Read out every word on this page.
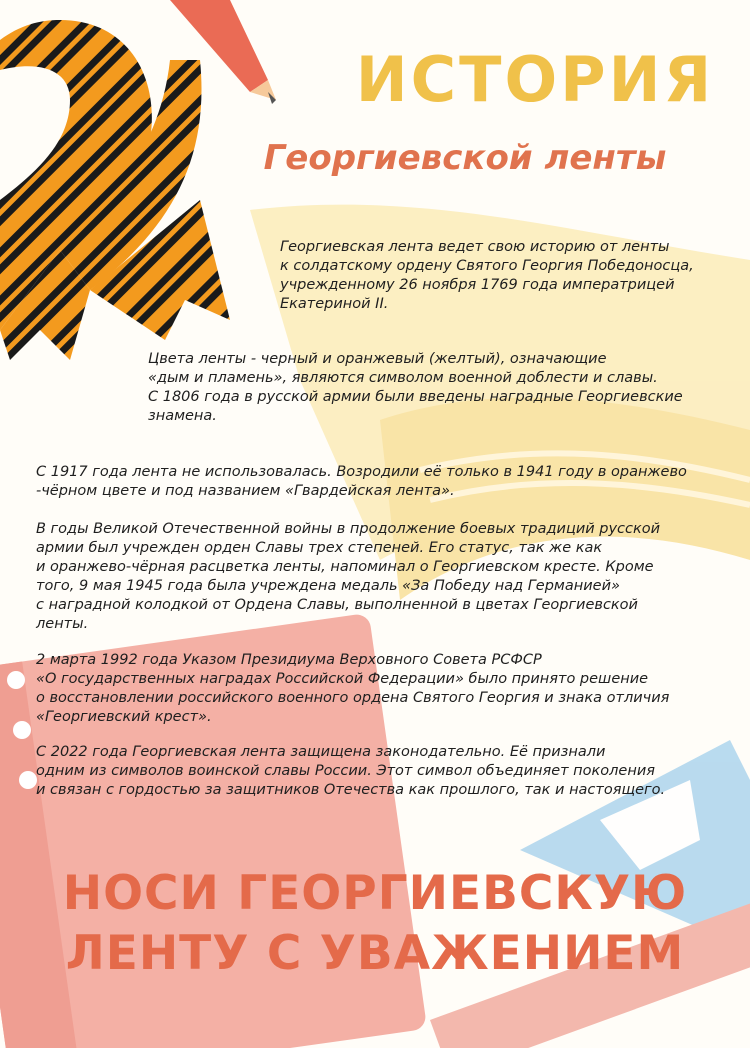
ИСТОРИЯ
Георгиевской ленты

Георгиевская лента ведет свою историю от ленты
к солдатскому ордену Святого Георгия Победоносца,
учрежденному 26 ноября 1769 года императрицей
Екатериной II.

Цвета ленты - черный и оранжевый (желтый), означающие
«дым и пламень», являются символом военной доблести и славы.
С 1806 года в русской армии были введены наградные Георгиевские
знамена.

С 1917 года лента не использовалась. Возродили её только в 1941 году в оранжево
-чёрном цвете и под названием «Гвардейская лента».

В годы Великой Отечественной войны в продолжение боевых традиций русской
армии был учрежден орден Славы трех степеней. Его статус, так же как
и оранжево-чёрная расцветка ленты, напоминал о Георгиевском кресте. Кроме
того, 9 мая 1945 года была учреждена медаль «За Победу над Германией»
с наградной колодкой от Ордена Славы, выполненной в цветах Георгиевской
ленты.

2 марта 1992 года Указом Президиума Верховного Совета РСФСР
«О государственных наградах Российской Федерации» было принято решение
о восстановлении российского военного ордена Святого Георгия и знака отличия
«Георгиевский крест».

С 2022 года Георгиевская лента защищена законодательно. Её признали
одним из символов воинской славы России. Этот символ объединяет поколения
и связан с гордостью за защитников Отечества как прошлого, так и настоящего.

НОСИ ГЕОРГИЕВСКУЮ
ЛЕНТУ С УВАЖЕНИЕМ
